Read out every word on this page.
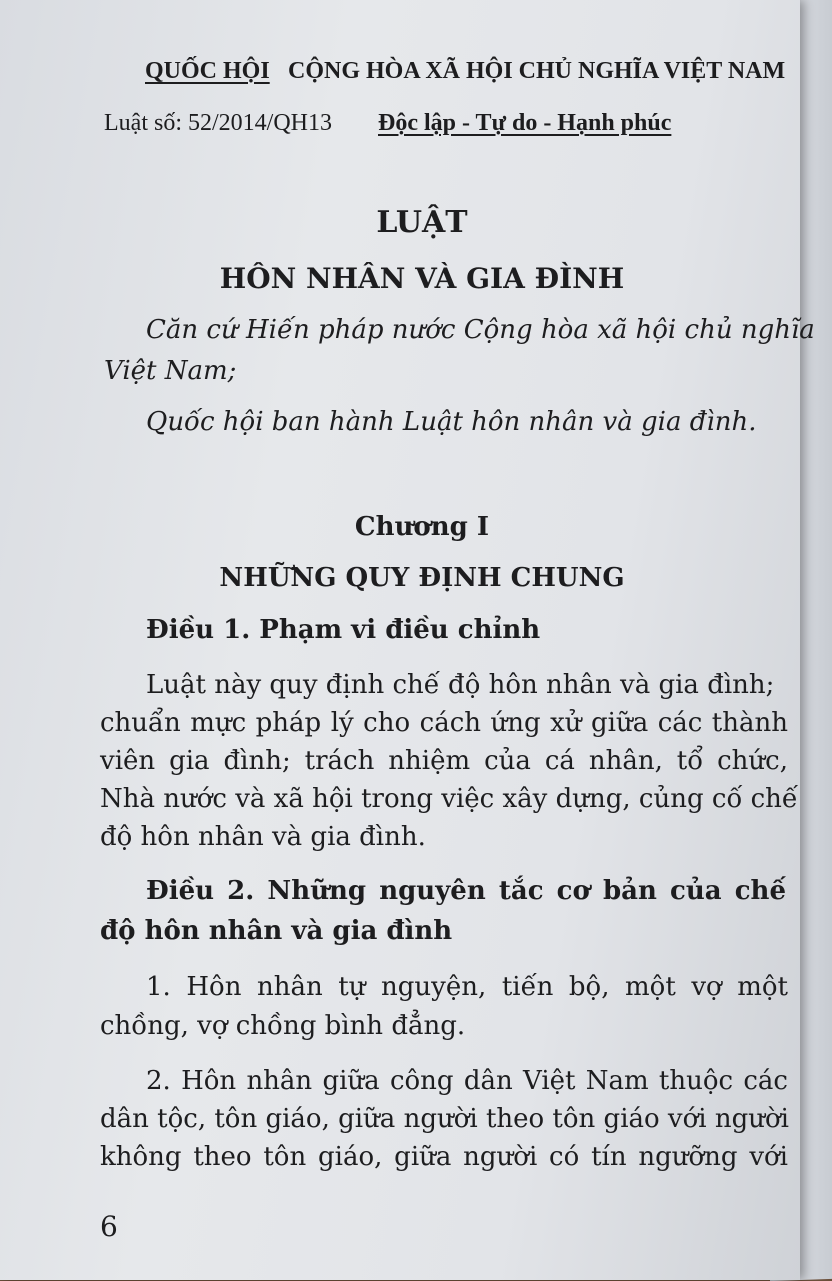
QUỐC HỘI CỘNG HÒA XÃ HỘI CHỦ NGHĨA VIỆT NAM
Luật số: 52/2014/QH13 Độc lập - Tự do - Hạnh phúc
LUẬT
HÔN NHÂN VÀ GIA ĐÌNH
Căn cứ Hiến pháp nước Cộng hòa xã hội chủ nghĩa
Việt Nam;
Quốc hội ban hành Luật hôn nhân và gia đình.
Chương I
NHỮNG QUY ĐỊNH CHUNG
Điều 1. Phạm vi điều chỉnh
Luật này quy định chế độ hôn nhân và gia đình;
chuẩn mực pháp lý cho cách ứng xử giữa các thành
viên gia đình; trách nhiệm của cá nhân, tổ chức,
Nhà nước và xã hội trong việc xây dựng, củng cố chế
độ hôn nhân và gia đình.
Điều 2. Những nguyên tắc cơ bản của chế
độ hôn nhân và gia đình
1. Hôn nhân tự nguyện, tiến bộ, một vợ một
chồng, vợ chồng bình đẳng.
2. Hôn nhân giữa công dân Việt Nam thuộc các
dân tộc, tôn giáo, giữa người theo tôn giáo với người
không theo tôn giáo, giữa người có tín ngưỡng với
6
